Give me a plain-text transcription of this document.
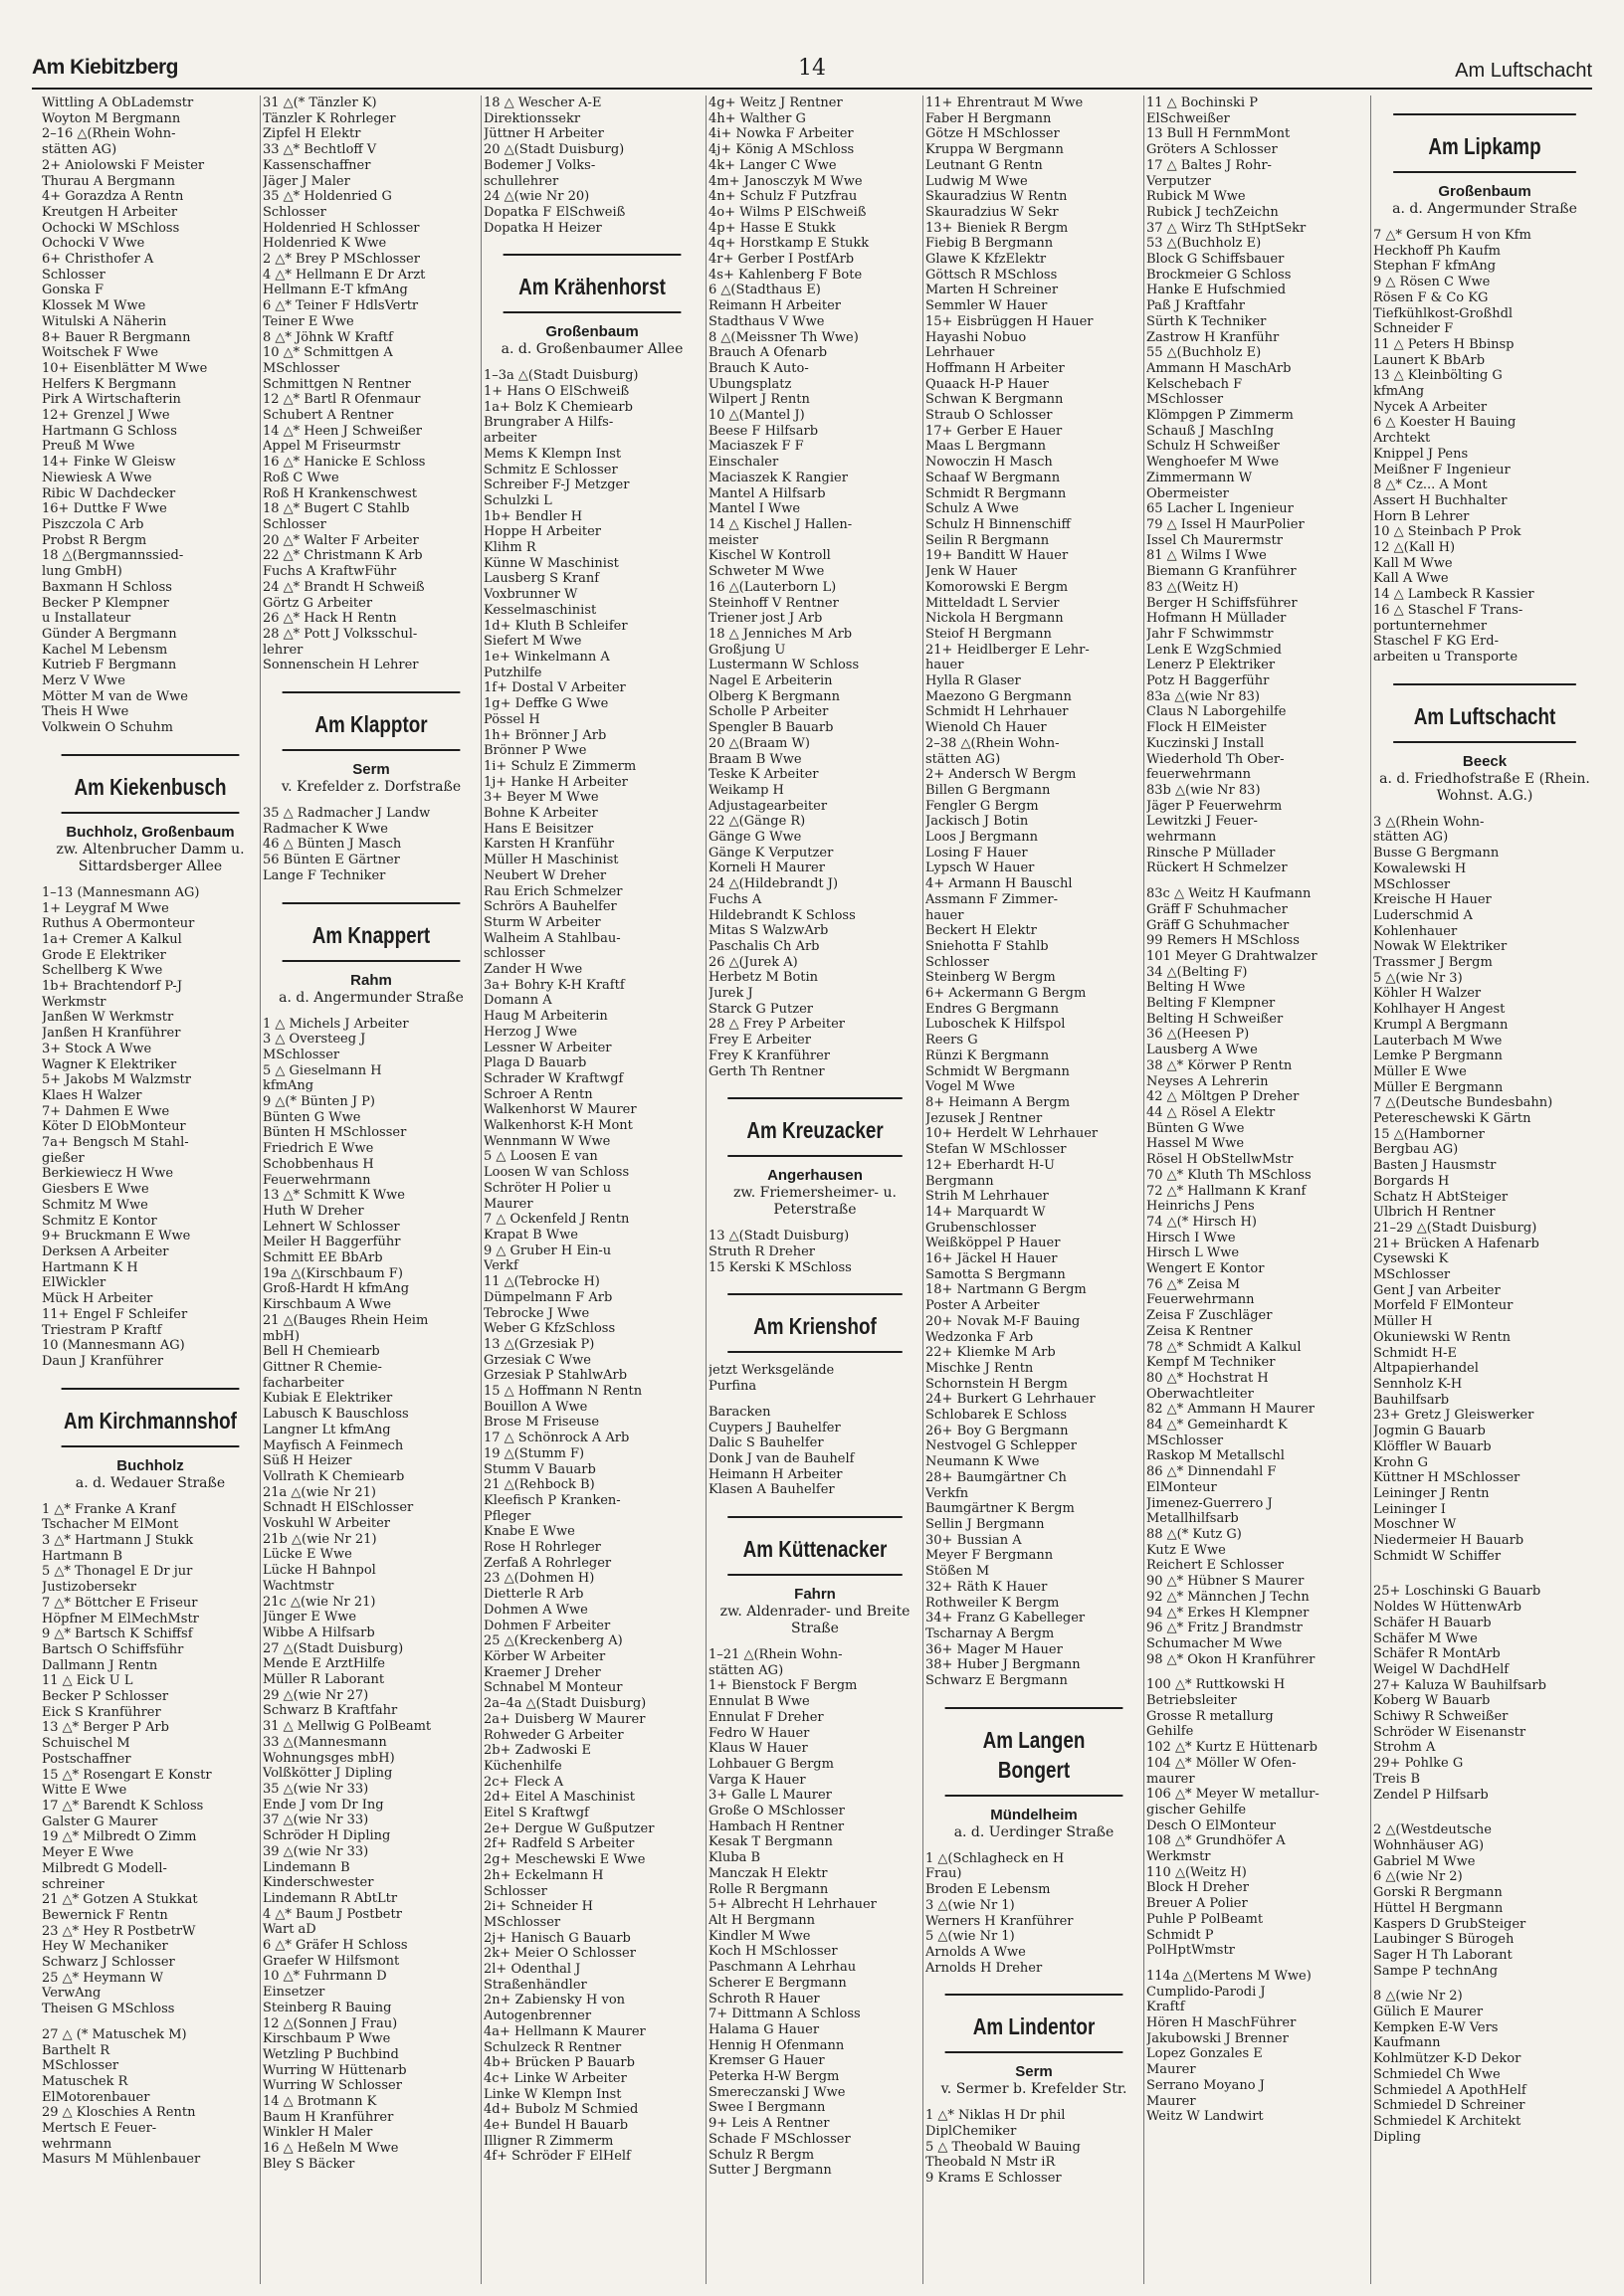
14
Am Kiebitzberg	Am Luftschacht
Wittling A ObLademstr
Woyton M Bergmann
2–16 △(Rhein Wohn-
stätten AG)
2+ Aniolowski F Meister
Thurau A Bergmann
4+ Gorazdza A Rentn
Kreutgen H Arbeiter
Ochocki W MSchloss
Ochocki V Wwe
6+ Christhofer A
Schlosser
Gonska F
Klossek M Wwe
Witulski A Näherin
8+ Bauer R Bergmann
Woitschek F Wwe
10+ Eisenblätter M Wwe
Helfers K Bergmann
Pirk A Wirtschafterin
12+ Grenzel J Wwe
Hartmann G Schloss
Preuß M Wwe
14+ Finke W Gleisw
Niewiesk A Wwe
Ribic W Dachdecker
16+ Duttke F Wwe
Piszczola C Arb
Probst R Bergm
18 △(Bergmannssied-
lung GmbH)
Baxmann H Schloss
Becker P Klempner
u Installateur
Günder A Bergmann
Kachel M Lebensm
Kutrieb F Bergmann
Merz V Wwe
Mötter M van de Wwe
Theis H Wwe
Volkwein O Schuhm
Am Kiekenbusch
Buchholz, Großenbaum
zw. Altenbrucher Damm u. Sittardsberger Allee
1–13 (Mannesmann AG)
1+ Leygraf M Wwe
Ruthus A Obermonteur
1a+ Cremer A Kalkul
Grode E Elektriker
Schellberg K Wwe
1b+ Brachtendorf P-J
Werkmstr
Janßen W Werkmstr
Janßen H Kranführer
3+ Stock A Wwe
Wagner K Elektriker
5+ Jakobs M Walzmstr
Klaes H Walzer
7+ Dahmen E Wwe
Köter D ElObMonteur
7a+ Bengsch M Stahl-
gießer
Berkiewiecz H Wwe
Giesbers E Wwe
Schmitz M Wwe
Schmitz E Kontor
9+ Bruckmann E Wwe
Derksen A Arbeiter
Hartmann K H
ElWickler
Mück H Arbeiter
11+ Engel F Schleifer
Triestram P Kraftf
10 (Mannesmann AG)
Daun J Kranführer
Am Kirchmannshof
Buchholz
a. d. Wedauer Straße
1 △* Franke A Kranf
Tschacher M ElMont
3 △* Hartmann J Stukk
Hartmann B
5 △* Thonagel E Dr jur
Justizobersekr
7 △* Böttcher E Friseur
Höpfner M ElMechMstr
9 △* Bartsch K Schiffsf
Bartsch O Schiffsführ
Dallmann J Rentn
11 △ Eick U L
Becker P Schlosser
Eick S Kranführer
13 △* Berger P Arb
Schuischel M
Postschaffner
15 △* Rosengart E Konstr
Witte E Wwe
17 △* Barendt K Schloss
Galster G Maurer
19 △* Milbredt O Zimm
Meyer E Wwe
Milbredt G Modell-
schreiner
21 △* Gotzen A Stukkat
Bewernick F Rentn
23 △* Hey R PostbetrW
Hey W Mechaniker
Schwarz J Schlosser
25 △* Heymann W
VerwAng
Theisen G MSchloss
27 △ (* Matuschek M)
Barthelt R
MSchlosser
Matuschek R
ElMotorenbauer
29 △ Kloschies A Rentn
Mertsch E Feuer-
wehrmann
Masurs M Mühlenbauer
31 △(* Tänzler K)
Tänzler K Rohrleger
Zipfel H Elektr
33 △* Bechtloff V
Kassenschaffner
Jäger J Maler
35 △* Holdenried G
Schlosser
Holdenried H Schlosser
Holdenried K Wwe
2 △* Brey P MSchlosser
4 △* Hellmann E Dr Arzt
Hellmann E-T kfmAng
6 △* Teiner F HdlsVertr
Teiner E Wwe
8 △* Jöhnk W Kraftf
10 △* Schmittgen A
MSchlosser
Schmittgen N Rentner
12 △* Bartl R Ofenmaur
Schubert A Rentner
14 △* Heen J Schweißer
Appel M Friseurmstr
16 △* Hanicke E Schloss
Roß C Wwe
Roß H Krankenschwest
18 △* Bugert C Stahlb
Schlosser
20 △* Walter F Arbeiter
22 △* Christmann K Arb
Fuchs A KraftwFühr
24 △* Brandt H Schweiß
Görtz G Arbeiter
26 △* Hack H Rentn
28 △* Pott J Volksschul-
lehrer
Sonnenschein H Lehrer
Am Klapptor
Serm
v. Krefelder z. Dorfstraße
35 △ Radmacher J Landw
Radmacher K Wwe
46 △ Bünten J Masch
56 Bünten E Gärtner
Lange F Techniker
Am Knappert
Rahm
a. d. Angermunder Straße
1 △ Michels J Arbeiter
3 △ Oversteeg J
MSchlosser
5 △ Gieselmann H
kfmAng
9 △(* Bünten J P)
Bünten G Wwe
Bünten H MSchlosser
Friedrich E Wwe
Schobbenhaus H
Feuerwehrmann
13 △* Schmitt K Wwe
Huth W Dreher
Lehnert W Schlosser
Meiler H Baggerführ
Schmitt EE BbArb
19a △(Kirschbaum F)
Groß-Hardt H kfmAng
Kirschbaum A Wwe
21 △(Bauges Rhein Heim
mbH)
Bell H Chemiearb
Gittner R Chemie-
facharbeiter
Kubiak E Elektriker
Labusch K Bauschloss
Langner Lt kfmAng
Mayfisch A Feinmech
Süß H Heizer
Vollrath K Chemiearb
21a △(wie Nr 21)
Schnadt H ElSchlosser
Voskuhl W Arbeiter
21b △(wie Nr 21)
Lücke E Wwe
Lücke H Bahnpol
Wachtmstr
21c △(wie Nr 21)
Jünger E Wwe
Wibbe A Hilfsarb
27 △(Stadt Duisburg)
Mende E ArztHilfe
Müller R Laborant
29 △(wie Nr 27)
Schwarz B Kraftfahr
31 △ Mellwig G PolBeamt
33 △(Mannesmann
Wohnungsges mbH)
Volßkötter J Dipling
35 △(wie Nr 33)
Ende J vom Dr Ing
37 △(wie Nr 33)
Schröder H Dipling
39 △(wie Nr 33)
Lindemann B
Kinderschwester
Lindemann R AbtLtr
4 △* Baum J Postbetr
Wart aD
6 △* Gräfer H Schloss
Graefer W Hilfsmont
10 △* Fuhrmann D
Einsetzer
Steinberg R Bauing
12 △(Sonnen J Frau)
Kirschbaum P Wwe
Wetzling P Buchbind
Wurring W Hüttenarb
Wurring W Schlosser
14 △ Brotmann K
Baum H Kranführer
Winkler H Maler
16 △ Heßeln M Wwe
Bley S Bäcker
18 △ Wescher A-E
Direktionssekr
Jüttner H Arbeiter
20 △(Stadt Duisburg)
Bodemer J Volks-
schullehrer
24 △(wie Nr 20)
Dopatka F ElSchweiß
Dopatka H Heizer
Am Krähenhorst
Großenbaum
a. d. Großenbaumer Allee
1–3a △(Stadt Duisburg)
1+ Hans O ElSchweiß
1a+ Bolz K Chemiearb
Brungraber A Hilfs-
arbeiter
Mems K Klempn Inst
Schmitz E Schlosser
Schreiber F-J Metzger
Schulzki L
1b+ Bendler H
Hoppe H Arbeiter
Klihm R
Künne W Maschinist
Lausberg S Kranf
Voxbrunner W
Kesselmaschinist
1d+ Kluth B Schleifer
Siefert M Wwe
1e+ Winkelmann A
Putzhilfe
1f+ Dostal V Arbeiter
1g+ Deffke G Wwe
Pössel H
1h+ Brönner J Arb
Brönner P Wwe
1i+ Schulz E Zimmerm
1j+ Hanke H Arbeiter
3+ Beyer M Wwe
Bohne K Arbeiter
Hans E Beisitzer
Karsten H Kranführ
Müller H Maschinist
Neubert W Dreher
Rau Erich Schmelzer
Schrörs A Bauhelfer
Sturm W Arbeiter
Walheim A Stahlbau-
schlosser
Zander H Wwe
3a+ Bohry K-H Kraftf
Domann A
Haug M Arbeiterin
Herzog J Wwe
Lessner W Arbeiter
Plaga D Bauarb
Schrader W Kraftwgf
Schroer A Rentn
Walkenhorst W Maurer
Walkenhorst K-H Mont
Wennmann W Wwe
5 △ Loosen E van
Loosen W van Schloss
Schröter H Polier u
Maurer
7 △ Ockenfeld J Rentn
Krapat B Wwe
9 △ Gruber H Ein-u
Verkf
11 △(Tebrocke H)
Dümpelmann F Arb
Tebrocke J Wwe
Weber G KfzSchloss
13 △(Grzesiak P)
Grzesiak C Wwe
Grzesiak P StahlwArb
15 △ Hoffmann N Rentn
Bouillon A Wwe
Brose M Friseuse
17 △ Schönrock A Arb
19 △(Stumm F)
Stumm V Bauarb
21 △(Rehbock B)
Kleefisch P Kranken-
Pfleger
Knabe E Wwe
Rose H Rohrleger
Zerfaß A Rohrleger
23 △(Dohmen H)
Dietterle R Arb
Dohmen A Wwe
Dohmen F Arbeiter
25 △(Kreckenberg A)
Körber W Arbeiter
Kraemer J Dreher
Schnabel M Monteur
2a–4a △(Stadt Duisburg)
2a+ Duisberg W Maurer
Rohweder G Arbeiter
2b+ Zadwoski E
Küchenhilfe
2c+ Fleck A
2d+ Eitel A Maschinist
Eitel S Kraftwgf
2e+ Dergue W Gußputzer
2f+ Radfeld S Arbeiter
2g+ Meschewski E Wwe
2h+ Eckelmann H
Schlosser
2i+ Schneider H
MSchlosser
2j+ Hanisch G Bauarb
2k+ Meier O Schlosser
2l+ Odenthal J
Straßenhändler
2n+ Zabiensky H von
Autogenbrenner
4a+ Hellmann K Maurer
Schulzeck R Rentner
4b+ Brücken P Bauarb
4c+ Linke W Arbeiter
Linke W Klempn Inst
4d+ Bubolz M Schmied
4e+ Bundel H Bauarb
Illigner R Zimmerm
4f+ Schröder F ElHelf
4g+ Weitz J Rentner
4h+ Walther G
4i+ Nowka F Arbeiter
4j+ König A MSchloss
4k+ Langer C Wwe
4m+ Janosczyk M Wwe
4n+ Schulz F Putzfrau
4o+ Wilms P ElSchweiß
4p+ Hasse E Stukk
4q+ Horstkamp E Stukk
4r+ Gerber I PostfArb
4s+ Kahlenberg F Bote
6 △(Stadthaus E)
Reimann H Arbeiter
Stadthaus V Wwe
8 △(Meissner Th Wwe)
Brauch A Ofenarb
Brauch K Auto-
Übungsplatz
Wilpert J Rentn
10 △(Mantel J)
Beese F Hilfsarb
Maciaszek F F
Einschaler
Maciaszek K Rangier
Mantel A Hilfsarb
Mantel I Wwe
14 △ Kischel J Hallen-
meister
Kischel W Kontroll
Schweter M Wwe
16 △(Lauterborn L)
Steinhoff V Rentner
Triener jost J Arb
18 △ Jenniches M Arb
Großjung U
Lustermann W Schloss
Nagel E Arbeiterin
Olberg K Bergmann
Scholle P Arbeiter
Spengler B Bauarb
20 △(Braam W)
Braam B Wwe
Teske K Arbeiter
Weikamp H
Adjustagearbeiter
22 △(Gänge R)
Gänge G Wwe
Gänge K Verputzer
Korneli H Maurer
24 △(Hildebrandt J)
Fuchs A
Hildebrandt K Schloss
Mitas S WalzwArb
Paschalis Ch Arb
26 △(Jurek A)
Herbetz M Botin
Jurek J
Starck G Putzer
28 △ Frey P Arbeiter
Frey E Arbeiter
Frey K Kranführer
Gerth Th Rentner
Am Kreuzacker
Angerhausen
zw. Friemersheimer- u. Peterstraße
13 △(Stadt Duisburg)
Struth R Dreher
15 Kerski K MSchloss
Am Krienshof
jetzt Werksgelände
Purfina
Baracken
Cuypers J Bauhelfer
Dalic S Bauhelfer
Donk J van de Bauhelf
Heimann H Arbeiter
Klasen A Bauhelfer
Am Küttenacker
Fahrn
zw. Aldenrader- und Breite Straße
1–21 △(Rhein Wohn-
stätten AG)
1+ Bienstock F Bergm
Ennulat B Wwe
Ennulat F Dreher
Fedro W Hauer
Klaus W Hauer
Lohbauer G Bergm
Varga K Hauer
3+ Galle L Maurer
Große O MSchlosser
Hambach H Rentner
Kesak T Bergmann
Kluba B
Manczak H Elektr
Rolle R Bergmann
5+ Albrecht H Lehrhauer
Alt H Bergmann
Kindler M Wwe
Koch H MSchlosser
Paschmann A Lehrhau
Scherer E Bergmann
Schroth R Hauer
7+ Dittmann A Schloss
Halama G Hauer
Hennig H Ofenmann
Kremser G Hauer
Peterka H-W Bergm
Smereczanski J Wwe
Swee I Bergmann
9+ Leis A Rentner
Schade F MSchlosser
Schulz R Bergm
Sutter J Bergmann
11+ Ehrentraut M Wwe
Faber H Bergmann
Götze H MSchlosser
Kruppa W Bergmann
Leutnant G Rentn
Ludwig M Wwe
Skauradzius W Rentn
Skauradzius W Sekr
13+ Bieniek R Bergm
Fiebig B Bergmann
Glawe K KfzElektr
Göttsch R MSchloss
Marten H Schreiner
Semmler W Hauer
15+ Eisbrüggen H Hauer
Hayashi Nobuo
Lehrhauer
Hoffmann H Arbeiter
Quaack H-P Hauer
Schwan K Bergmann
Straub O Schlosser
17+ Gerber E Hauer
Maas L Bergmann
Nowoczin H Masch
Schaaf W Bergmann
Schmidt R Bergmann
Schulz A Wwe
Schulz H Binnenschiff
Seilin R Bergmann
19+ Banditt W Hauer
Jenk W Hauer
Komorowski E Bergm
Mitteldadt L Servier
Nickola H Bergmann
Steiof H Bergmann
21+ Heidlberger E Lehr-
hauer
Hylla R Glaser
Maezono G Bergmann
Schmidt H Lehrhauer
Wienold Ch Hauer
2–38 △(Rhein Wohn-
stätten AG)
2+ Andersch W Bergm
Billen G Bergmann
Fengler G Bergm
Jackisch J Botin
Loos J Bergmann
Losing F Hauer
Lypsch W Hauer
4+ Armann H Bauschl
Assmann F Zimmer-
hauer
Beckert H Elektr
Sniehotta F Stahlb
Schlosser
Steinberg W Bergm
6+ Ackermann G Bergm
Endres G Bergmann
Luboschek K Hilfspol
Reers G
Rünzi K Bergmann
Schmidt W Bergmann
Vogel M Wwe
8+ Heimann A Bergm
Jezusek J Rentner
10+ Herdelt W Lehrhauer
Stefan W MSchlosser
12+ Eberhardt H-U
Bergmann
Strih M Lehrhauer
14+ Marquardt W
Grubenschlosser
Weißköppel P Hauer
16+ Jäckel H Hauer
Samotta S Bergmann
18+ Nartmann G Bergm
Poster A Arbeiter
20+ Novak M-F Bauing
Wedzonka F Arb
22+ Kliemke M Arb
Mischke J Rentn
Schornstein H Bergm
24+ Burkert G Lehrhauer
Schlobarek E Schloss
26+ Boy G Bergmann
Nestvogel G Schlepper
Neumann K Wwe
28+ Baumgärtner Ch
Verkfn
Baumgärtner K Bergm
Sellin J Bergmann
30+ Bussian A
Meyer F Bergmann
Stößen M
32+ Räth K Hauer
Rothweiler K Bergm
34+ Franz G Kabelleger
Tscharnay A Bergm
36+ Mager M Hauer
38+ Huber J Bergmann
Schwarz E Bergmann
Am Langen Bongert
Mündelheim
a. d. Uerdinger Straße
1 △(Schlagheck en H
Frau)
Broden E Lebensm
3 △(wie Nr 1)
Werners H Kranführer
5 △(wie Nr 1)
Arnolds A Wwe
Arnolds H Dreher
Am Lindentor
Serm
v. Sermer b. Krefelder Str.
1 △* Niklas H Dr phil
DiplChemiker
5 △ Theobald W Bauing
Theobald N Mstr iR
9 Krams E Schlosser
11 △ Bochinski P
ElSchweißer
13 Bull H FernmMont
Gröters A Schlosser
17 △ Baltes J Rohr-
Verputzer
Rubick M Wwe
Rubick J techZeichn
37 △ Wirz Th StHptSekr
53 △(Buchholz E)
Block G Schiffsbauer
Brockmeier G Schloss
Hanke E Hufschmied
Paß J Kraftfahr
Sürth K Techniker
Zastrow H Kranführ
55 △(Buchholz E)
Ammann H MaschArb
Kelschebach F
MSchlosser
Klömpgen P Zimmerm
Schauß J MaschIng
Schulz H Schweißer
Wenghoefer M Wwe
Zimmermann W
Obermeister
65 Lacher L Ingenieur
79 △ Issel H MaurPolier
Issel Ch Maurermstr
81 △ Wilms I Wwe
Biemann G Kranführer
83 △(Weitz H)
Berger H Schiffsführer
Hofmann H Müllader
Jahr F Schwimmstr
Lenk E WzgSchmied
Lenerz P Elektriker
Potz H Baggerführ
83a △(wie Nr 83)
Claus N Laborgehilfe
Flock H ElMeister
Kuczinski J Install
Wiederhold Th Ober-
feuerwehrmann
83b △(wie Nr 83)
Jäger P Feuerwehrm
Lewitzki J Feuer-
wehrmann
Rinsche P Müllader
Rückert H Schmelzer
83c △ Weitz H Kaufmann
Gräff F Schuhmacher
Gräff G Schuhmacher
99 Remers H MSchloss
101 Meyer G Drahtwalzer
34 △(Belting F)
Belting H Wwe
Belting F Klempner
Belting H Schweißer
36 △(Heesen P)
Lausberg A Wwe
38 △* Körwer P Rentn
Neyses A Lehrerin
42 △ Möltgen P Dreher
44 △ Rösel A Elektr
Bünten G Wwe
Hassel M Wwe
Rösel H ObStellwMstr
70 △* Kluth Th MSchloss
72 △* Hallmann K Kranf
Heinrichs J Pens
74 △(* Hirsch H)
Hirsch I Wwe
Hirsch L Wwe
Wengert E Kontor
76 △* Zeisa M
Feuerwehrmann
Zeisa F Zuschläger
Zeisa K Rentner
78 △* Schmidt A Kalkul
Kempf M Techniker
80 △* Hochstrat H
Oberwachtleiter
82 △* Ammann H Maurer
84 △* Gemeinhardt K
MSchlosser
Raskop M Metallschl
86 △* Dinnendahl F
ElMonteur
Jimenez-Guerrero J
Metallhilfsarb
88 △(* Kutz G)
Kutz E Wwe
Reichert E Schlosser
90 △* Hübner S Maurer
92 △* Männchen J Techn
94 △* Erkes H Klempner
96 △* Fritz J Brandmstr
Schumacher M Wwe
98 △* Okon H Kranführer
100 △* Ruttkowski H
Betriebsleiter
Grosse R metallurg
Gehilfe
102 △* Kurtz E Hüttenarb
104 △* Möller W Ofen-
maurer
106 △* Meyer W metallur-
gischer Gehilfe
Desch O ElMonteur
108 △* Grundhöfer A
Werkmstr
110 △(Weitz H)
Block H Dreher
Breuer A Polier
Puhle P PolBeamt
Schmidt P
PolHptWmstr
114a △(Mertens M Wwe)
Cumplido-Parodi J
Kraftf
Hören H MaschFührer
Jakubowski J Brenner
Lopez Gonzales E
Maurer
Serrano Moyano J
Maurer
Weitz W Landwirt
Am Lipkamp
Großenbaum
a. d. Angermunder Straße
7 △* Gersum H von Kfm
Heckhoff Ph Kaufm
Stephan F kfmAng
9 △ Rösen C Wwe
Rösen F & Co KG
Tiefkühlkost-Großhdl
Schneider F
11 △ Peters H Bbinsp
Launert K BbArb
13 △ Kleinbölting G
kfmAng
Nycek A Arbeiter
6 △ Koester H Bauing
Archtekt
Knippel J Pens
Meißner F Ingenieur
8 △* Cz... A Mont
Assert H Buchhalter
Horn B Lehrer
10 △ Steinbach P Prok
12 △(Kall H)
Kall M Wwe
Kall A Wwe
14 △ Lambeck R Kassier
16 △ Staschel F Trans-
portunternehmer
Staschel F KG Erd-
arbeiten u Transporte
Am Luftschacht
Beeck
a. d. Friedhofstraße E (Rhein. Wohnst. A.G.)
3 △(Rhein Wohn-
stätten AG)
Busse G Bergmann
Kowalewski H
MSchlosser
Kreische H Hauer
Luderschmid A
Kohlenhauer
Nowak W Elektriker
Trassmer J Bergm
5 △(wie Nr 3)
Köhler H Walzer
Kohlhayer H Angest
Krumpl A Bergmann
Lauterbach M Wwe
Lemke P Bergmann
Müller E Wwe
Müller E Bergmann
7 △(Deutsche Bundesbahn)
Petereschewski K Gärtn
15 △(Hamborner
Bergbau AG)
Basten J Hausmstr
Borgards H
Schatz H AbtSteiger
Ulbrich H Rentner
21–29 △(Stadt Duisburg)
21+ Brücken A Hafenarb
Cysewski K
MSchlosser
Gent J van Arbeiter
Morfeld F ElMonteur
Müller H
Okuniewski W Rentn
Schmidt H-E
Altpapierhandel
Sennholz K-H
Bauhilfsarb
23+ Gretz J Gleiswerker
Jogmin G Bauarb
Klöffler W Bauarb
Krohn G
Küttner H MSchlosser
Leininger J Rentn
Leininger I
Moschner W
Niedermeier H Bauarb
Schmidt W Schiffer
25+ Loschinski G Bauarb
Noldes W HüttenwArb
Schäfer H Bauarb
Schäfer M Wwe
Schäfer R MontArb
Weigel W DachdHelf
27+ Kaluza W Bauhilfsarb
Koberg W Bauarb
Schiwy R Schweißer
Schröder W Eisenanstr
Strohm A
29+ Pohlke G
Treis B
Zendel P Hilfsarb
2 △(Westdeutsche
Wohnhäuser AG)
Gabriel M Wwe
6 △(wie Nr 2)
Gorski R Bergmann
Hüttel H Bergmann
Kaspers D GrubSteiger
Laubinger S Bürogeh
Sager H Th Laborant
Sampe P technAng
8 △(wie Nr 2)
Gülich E Maurer
Kempken E-W Vers
Kaufmann
Kohlmützer K-D Dekor
Schmiedel Ch Wwe
Schmiedel A ApothHelf
Schmiedel D Schreiner
Schmiedel K Architekt
Dipling
